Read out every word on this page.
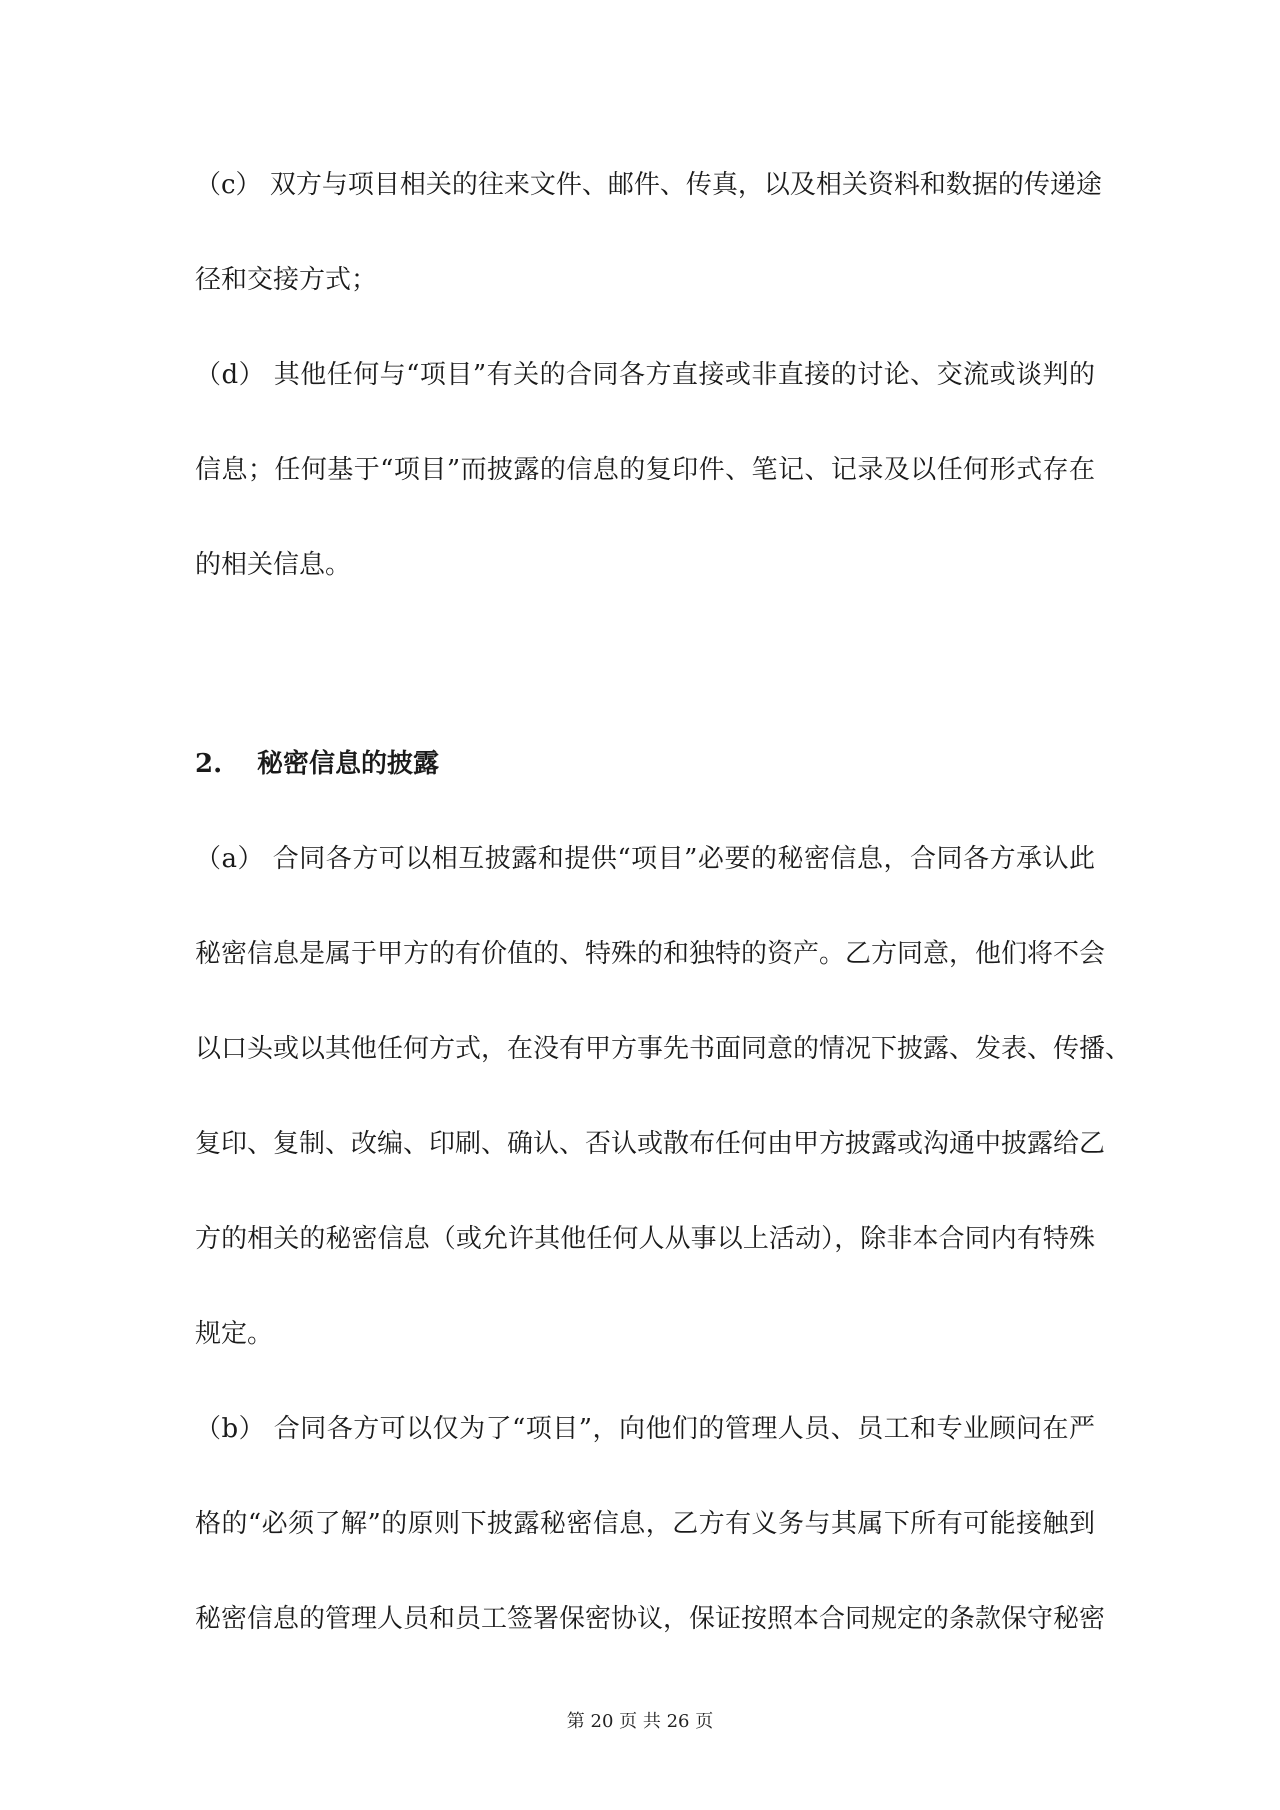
（c） 双方与项目相关的往来文件、邮件、传真，以及相关资料和数据的传递途
径和交接方式；
（d） 其他任何与“项目”有关的合同各方直接或非直接的讨论、交流或谈判的
信息；任何基于“项目”而披露的信息的复印件、笔记、记录及以任何形式存在
的相关信息。
2. 秘密信息的披露
（a） 合同各方可以相互披露和提供“项目”必要的秘密信息，合同各方承认此
秘密信息是属于甲方的有价值的、特殊的和独特的资产。乙方同意，他们将不会
以口头或以其他任何方式，在没有甲方事先书面同意的情况下披露、发表、传播、
复印、复制、改编、印刷、确认、否认或散布任何由甲方披露或沟通中披露给乙
方的相关的秘密信息（或允许其他任何人从事以上活动），除非本合同内有特殊
规定。
（b） 合同各方可以仅为了“项目”，向他们的管理人员、员工和专业顾问在严
格的“必须了解”的原则下披露秘密信息，乙方有义务与其属下所有可能接触到
秘密信息的管理人员和员工签署保密协议，保证按照本合同规定的条款保守秘密
第 20 页 共 26 页
